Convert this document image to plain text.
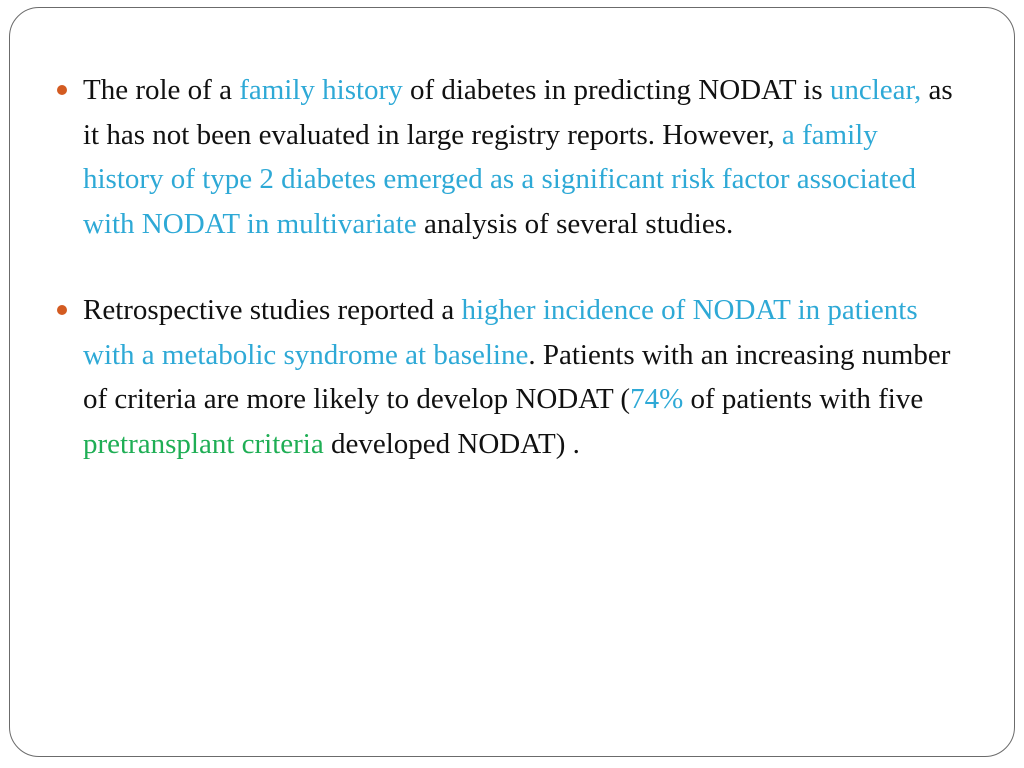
The role of a family history of diabetes in predicting NODAT is unclear, as it has not been evaluated in large registry reports. However, a family history of type 2 diabetes emerged as a significant risk factor associated with NODAT in multivariate analysis of several studies.
Retrospective studies reported a higher incidence of NODAT in patients with a metabolic syndrome at baseline. Patients with an increasing number of criteria are more likely to develop NODAT (74% of patients with five pretransplant criteria developed NODAT) .
